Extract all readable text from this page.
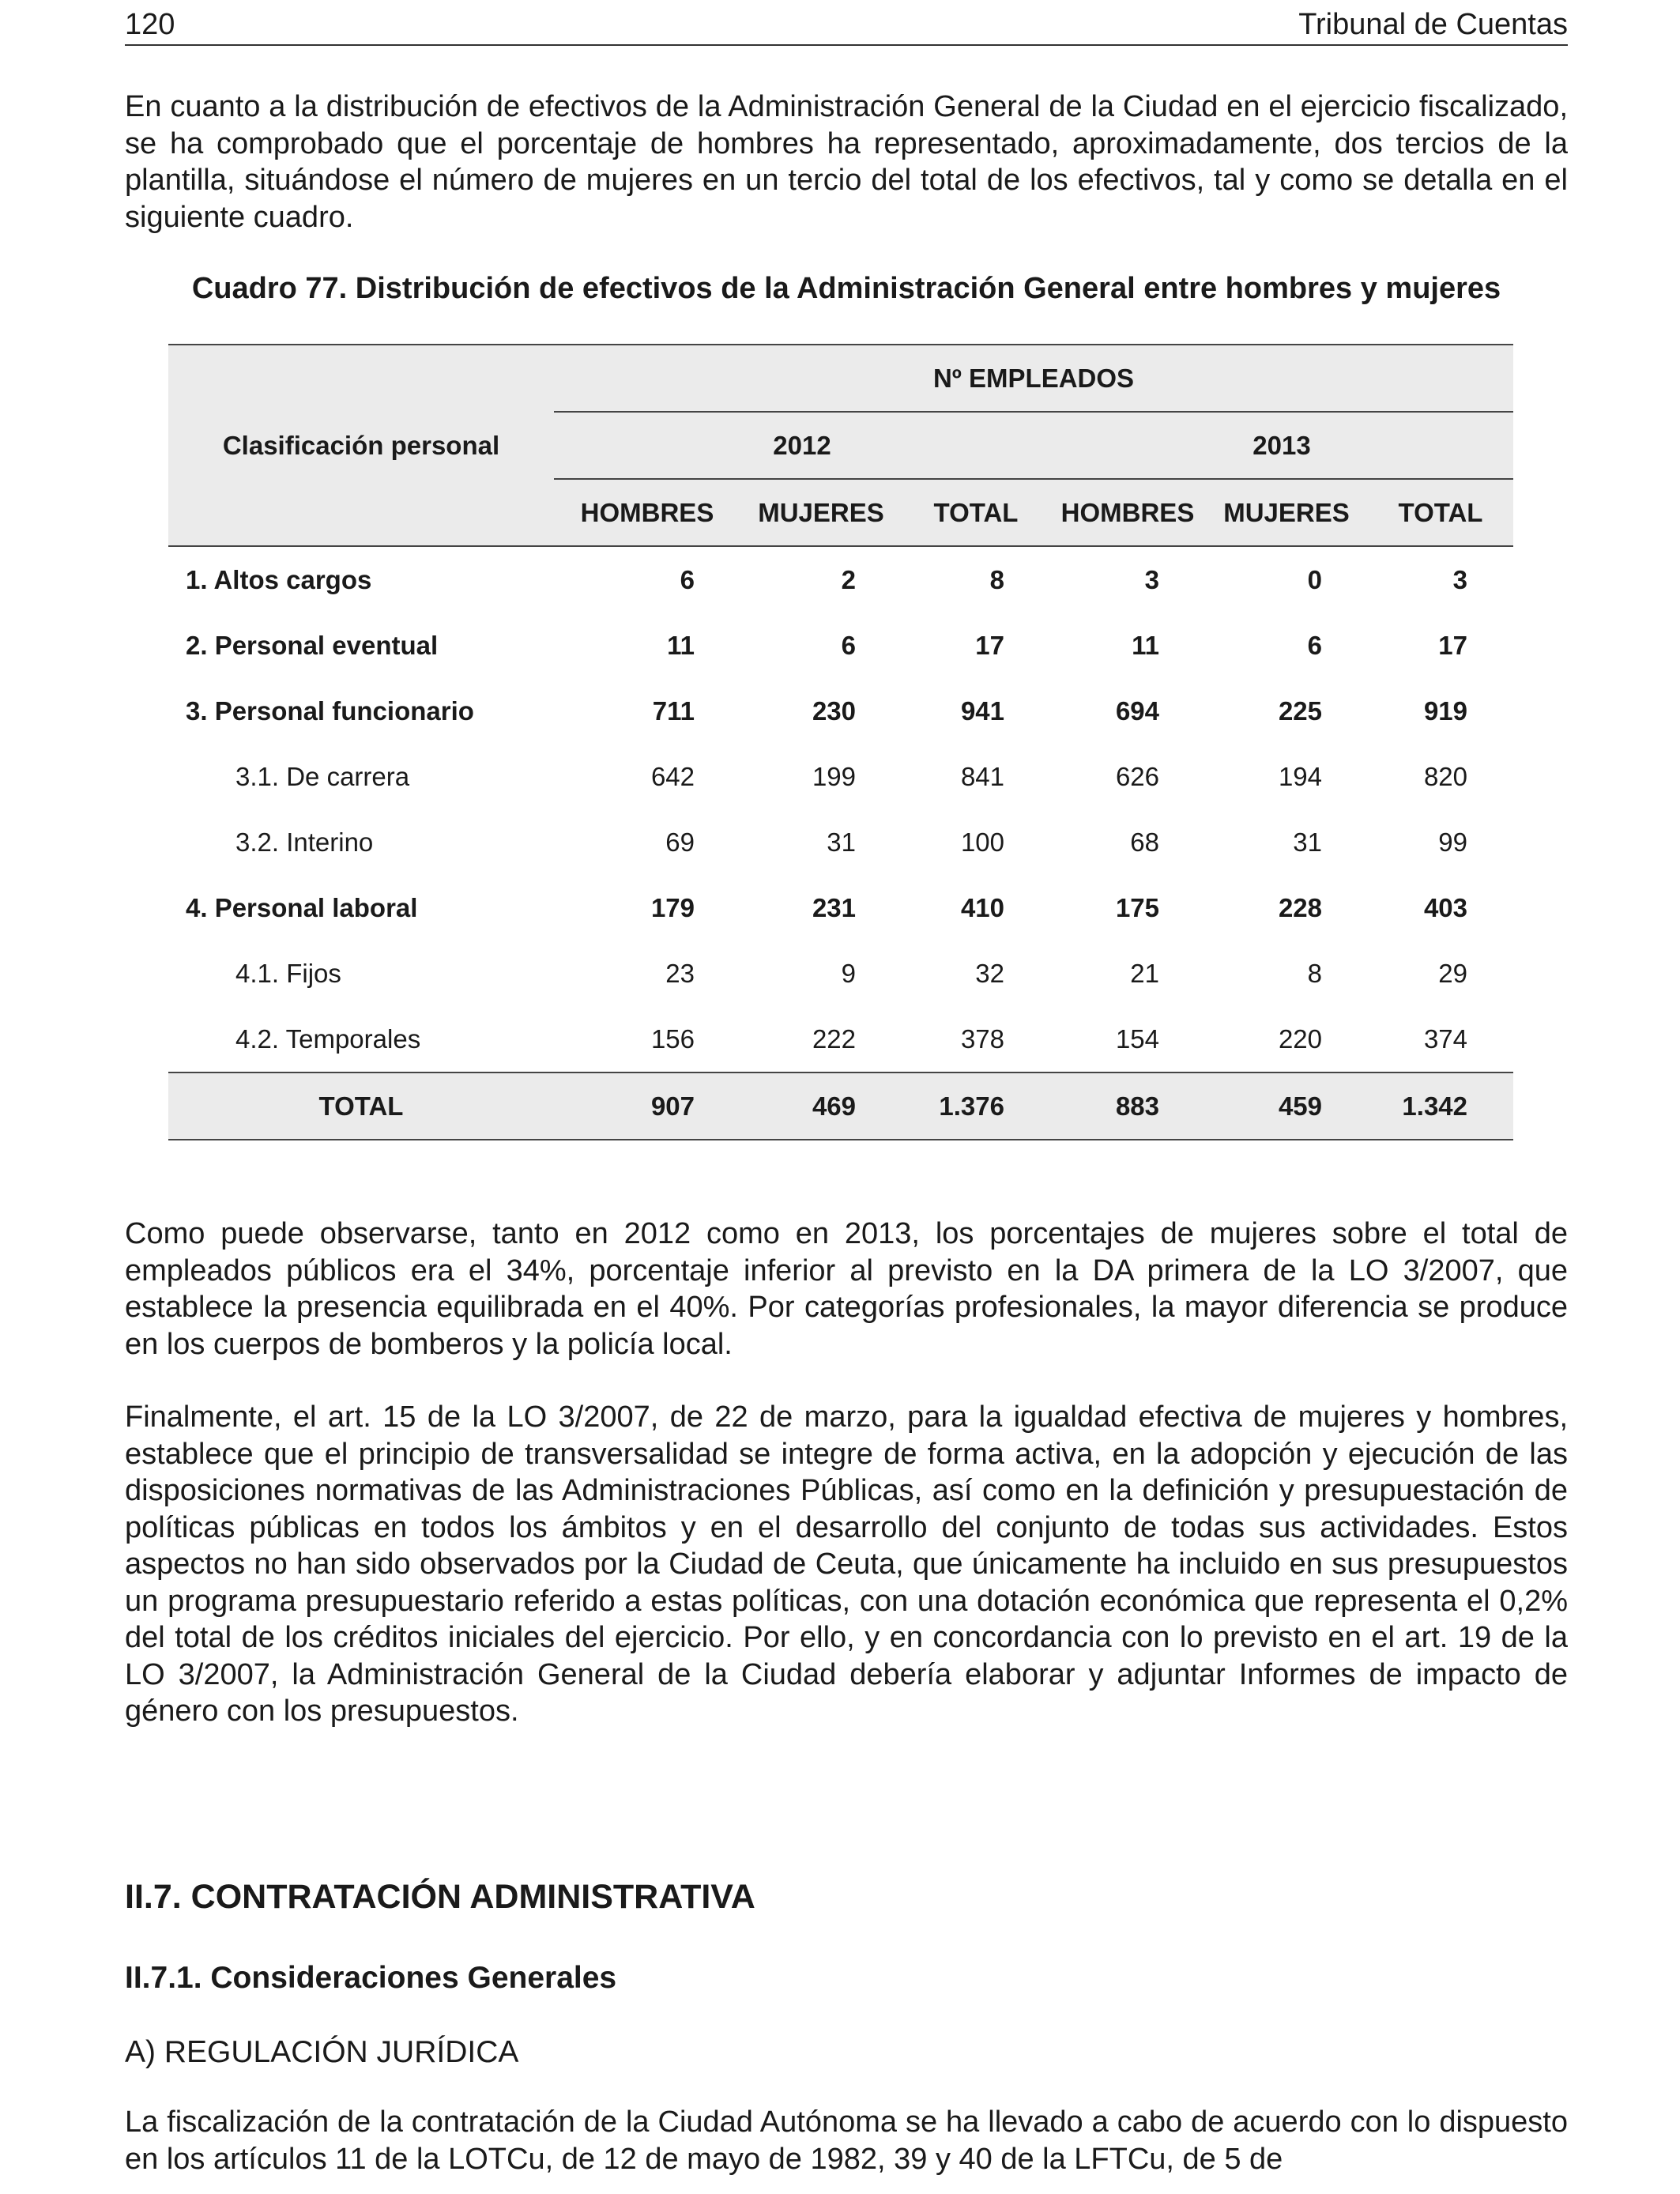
120	Tribunal de Cuentas

En cuanto a la distribución de efectivos de la Administración General de la Ciudad en el ejercicio fiscalizado, se ha comprobado que el porcentaje de hombres ha representado, aproximadamente, dos tercios de la plantilla, situándose el número de mujeres en un tercio del total de los efectivos, tal y como se detalla en el siguiente cuadro.

Cuadro 77. Distribución de efectivos de la Administración General entre hombres y mujeres
Clasificación personal	Nº EMPLEADOS					
	2012			2013		
	HOMBRES	MUJERES	TOTAL	HOMBRES	MUJERES	TOTAL
1. Altos cargos	6	2	8	3	0	3
2. Personal eventual	11	6	17	11	6	17
3. Personal funcionario	711	230	941	694	225	919
3.1. De carrera	642	199	841	626	194	820
3.2. Interino	69	31	100	68	31	99
4. Personal laboral	179	231	410	175	228	403
4.1. Fijos	23	9	32	21	8	29
4.2. Temporales	156	222	378	154	220	374
TOTAL	907	469	1.376	883	459	1.342

Como puede observarse, tanto en 2012 como en 2013, los porcentajes de mujeres sobre el total de empleados públicos era el 34%, porcentaje inferior al previsto en la DA primera de la LO 3/2007, que establece la presencia equilibrada en el 40%. Por categorías profesionales, la mayor diferencia se produce en los cuerpos de bomberos y la policía local.

Finalmente, el art. 15 de la LO 3/2007, de 22 de marzo, para la igualdad efectiva de mujeres y hombres, establece que el principio de transversalidad se integre de forma activa, en la adopción y ejecución de las disposiciones normativas de las Administraciones Públicas, así como en la definición y presupuestación de políticas públicas en todos los ámbitos y en el desarrollo del conjunto de todas sus actividades. Estos aspectos no han sido observados por la Ciudad de Ceuta, que únicamente ha incluido en sus presupuestos un programa presupuestario referido a estas políticas, con una dotación económica que representa el 0,2% del total de los créditos iniciales del ejercicio. Por ello, y en concordancia con lo previsto en el art. 19 de la LO 3/2007, la Administración General de la Ciudad debería elaborar y adjuntar Informes de impacto de género con los presupuestos.

II.7. CONTRATACIÓN ADMINISTRATIVA
II.7.1. Consideraciones Generales
A) REGULACIÓN JURÍDICA

La fiscalización de la contratación de la Ciudad Autónoma se ha llevado a cabo de acuerdo con lo dispuesto en los artículos 11 de la LOTCu, de 12 de mayo de 1982, 39 y 40 de la LFTCu, de 5 de
